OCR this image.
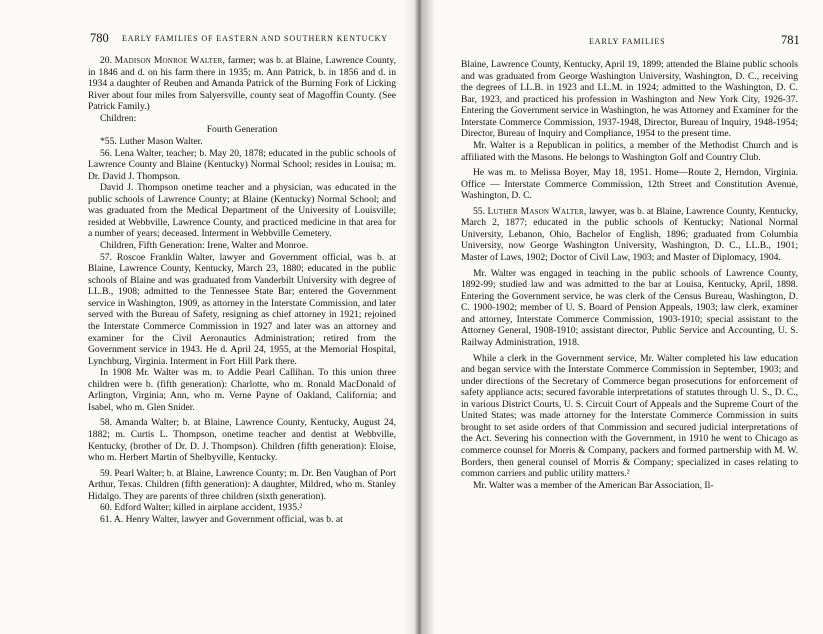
780 EARLY FAMILIES OF EASTERN AND SOUTHERN KENTUCKY

20. Madison Monroe Walter, farmer; was b. at Blaine, Lawrence County, in 1846 and d. on his farm there in 1935; m. Ann Patrick, b. in 1856 and d. in 1934 a daughter of Reuben and Amanda Patrick of the Burning Fork of Licking River about four miles from Salyersville, county seat of Magoffin County. (See Patrick Family.)

Children:

Fourth Generation

*55. Luther Mason Walter.

56. Lena Walter, teacher; b. May 20, 1878; educated in the public schools of Lawrence County and Blaine (Kentucky) Normal School; resides in Louisa; m. Dr. David J. Thompson.

David J. Thompson onetime teacher and a physician, was educated in the public schools of Lawrence County; at Blaine (Kentucky) Normal School; and was graduated from the Medical Department of the University of Louisville; resided at Webbville, Lawrence County, and practiced medicine in that area for a number of years; deceased. Interment in Webbville Cemetery.

Children, Fifth Generation: Irene, Walter and Monroe.

57. Roscoe Franklin Walter, lawyer and Government official, was b. at Blaine, Lawrence County, Kentucky, March 23, 1880; educated in the public schools of Blaine and was graduated from Vanderbilt University with degree of LL.B., 1908; admitted to the Tennessee State Bar; entered the Government service in Washington, 1909, as attorney in the Interstate Commission, and later served with the Bureau of Safety, resigning as chief attorney in 1921; rejoined the Interstate Commerce Commission in 1927 and later was an attorney and examiner for the Civil Aeronautics Administration; retired from the Government service in 1943. He d. April 24, 1955, at the Memorial Hospital, Lynchburg, Virginia. Interment in Fort Hill Park there.

In 1908 Mr. Walter was m. to Addie Pearl Callihan. To this union three children were b. (fifth generation): Charlotte, who m. Ronald MacDonald of Arlington, Virginia; Ann, who m. Verne Payne of Oakland, California; and Isabel, who m. Glen Snider.

58. Amanda Walter; b. at Blaine, Lawrence County, Kentucky, August 24, 1882; m. Curtis L. Thompson, onetime teacher and dentist at Webbville, Kentucky, (brother of Dr. D. J. Thompson). Children (fifth generation): Eloise, who m. Herbert Martin of Shelbyville, Kentucky.

59. Pearl Walter; b. at Blaine, Lawrence County; m. Dr. Ben Vaughan of Port Arthur, Texas. Children (fifth generation): A daughter, Mildred, who m. Stanley Hidalgo. They are parents of three children (sixth generation).

60. Edford Walter; killed in airplane accident, 1935.²

61. A. Henry Walter, lawyer and Government official, was b. at

EARLY FAMILIES	781

Blaine, Lawrence County, Kentucky, April 19, 1899; attended the Blaine public schools and was graduated from George Washington University, Washington, D. C., receiving the degrees of LL.B. in 1923 and LL.M. in 1924; admitted to the Washington, D. C. Bar, 1923, and practiced his profession in Washington and New York City, 1926-37. Entering the Government service in Washington, he was Attorney and Examiner for the Interstate Commerce Commission, 1937-1948, Director, Bureau of Inquiry, 1948-1954; Director, Bureau of Inquiry and Compliance, 1954 to the present time.

Mr. Walter is a Republican in politics, a member of the Methodist Church and is affiliated with the Masons. He belongs to Washington Golf and Country Club.

He was m. to Melissa Boyer, May 18, 1951. Home—Route 2, Herndon, Virginia. Office — Interstate Commerce Commission, 12th Street and Constitution Avenue, Washington, D. C.

55. Luther Mason Walter, lawyer, was b. at Blaine, Lawrence County, Kentucky, March 2, 1877; educated in the public schools of Kentucky; National Normal University, Lebanon, Ohio, Bachelor of English, 1896; graduated from Columbia University, now George Washington University, Washington, D. C., LL.B., 1901; Master of Laws, 1902; Doctor of Civil Law, 1903; and Master of Diplomacy, 1904.

Mr. Walter was engaged in teaching in the public schools of Lawrence County, 1892-99; studied law and was admitted to the bar at Louisa, Kentucky, April, 1898. Entering the Government service, he was clerk of the Census Bureau, Washington, D. C. 1900-1902; member of U. S. Board of Pension Appeals, 1903; law clerk, examiner and attorney, Interstate Commerce Commission, 1903-1910; special assistant to the Attorney General, 1908-1910; assistant director, Public Service and Accounting, U. S. Railway Administration, 1918.

While a clerk in the Government service, Mr. Walter completed his law education and began service with the Interstate Commerce Commission in September, 1903; and under directions of the Secretary of Commerce began prosecutions for enforcement of safety appliance acts; secured favorable interpretations of statutes through U. S., D. C., in various District Courts, U. S. Circuit Court of Appeals and the Supreme Court of the United States; was made attorney for the Interstate Commerce Commission in suits brought to set aside orders of that Commission and secured judicial interpretations of the Act. Severing his connection with the Government, in 1910 he went to Chicago as commerce counsel for Morris & Company, packers and formed partnership with M. W. Borders, then general counsel of Morris & Company; specialized in cases relating to common carriers and public utility matters.²

Mr. Walter was a member of the American Bar Association, Il-
